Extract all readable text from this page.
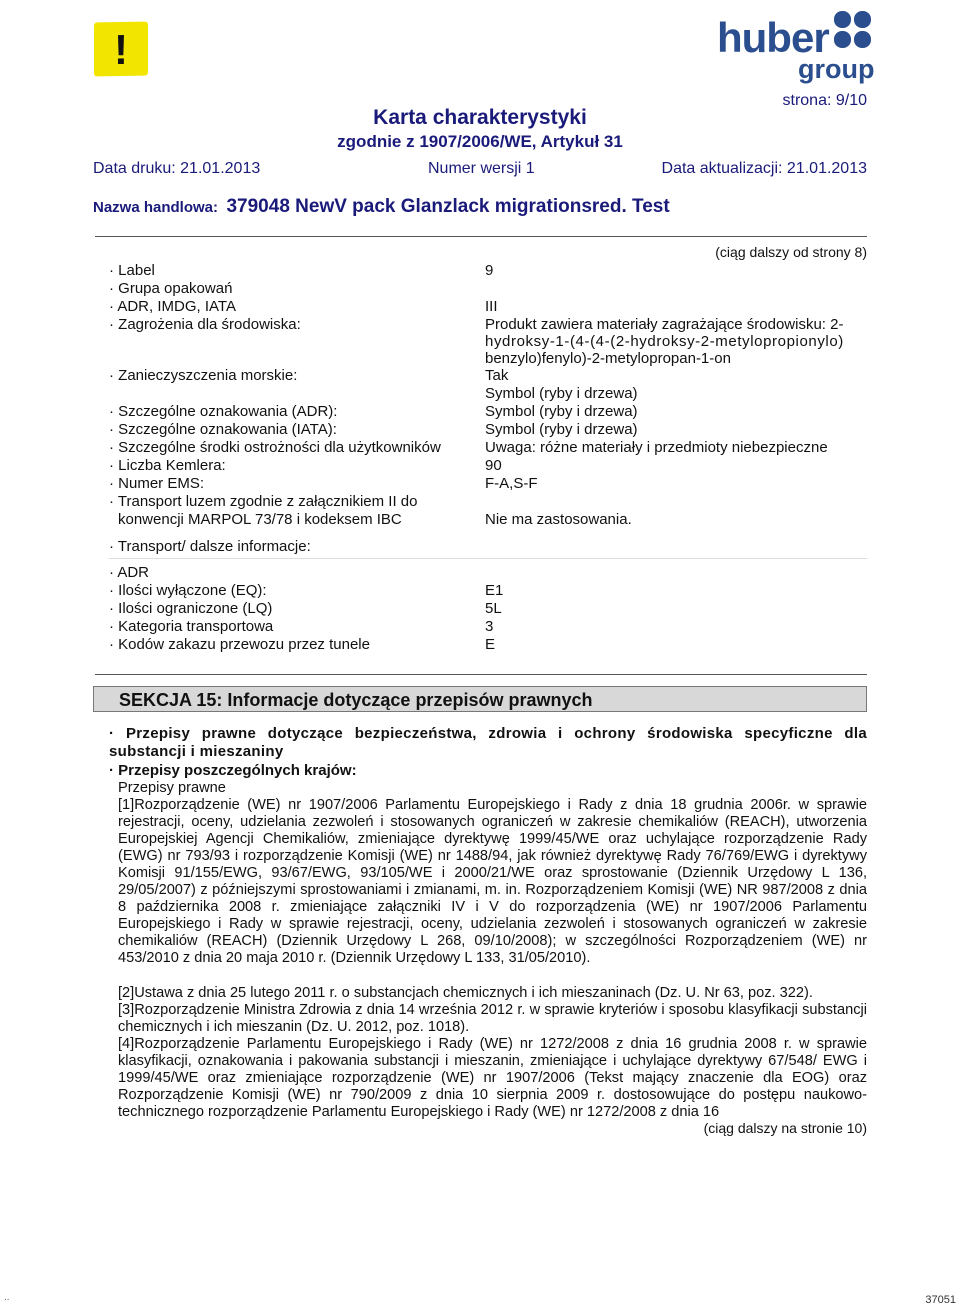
!	huber
group
strona: 9/10
Karta charakterystyki
zgodnie z 1907/2006/WE, Artykuł 31
Data druku: 21.01.2013	Numer wersji 1	Data aktualizacji: 21.01.2013
Nazwa handlowa: 379048 NewV pack Glanzlack migrationsred. Test
(ciąg dalszy od strony 8)
· Label	9
· Grupa opakowań
· ADR, IMDG, IATA	III
· Zagrożenia dla środowiska:	Produkt zawiera materiały zagrażające środowisku: 2-
hydroksy-1-(4-(4-(2-hydroksy-2-metylopropionylo)
benzylo)fenylo)-2-metylopropan-1-on
· Zanieczyszczenia morskie:	Tak
Symbol (ryby i drzewa)
· Szczególne oznakowania (ADR):	Symbol (ryby i drzewa)
· Szczególne oznakowania (IATA):	Symbol (ryby i drzewa)
· Szczególne środki ostrożności dla użytkowników	Uwaga: różne materiały i przedmioty niebezpieczne
· Liczba Kemlera:	90
· Numer EMS:	F-A,S-F
· Transport luzem zgodnie z załącznikiem II do
konwencji MARPOL 73/78 i kodeksem IBC	Nie ma zastosowania.
· Transport/ dalsze informacje:
· ADR
· Ilości wyłączone (EQ):	E1
· Ilości ograniczone (LQ)	5L
· Kategoria transportowa	3
· Kodów zakazu przewozu przez tunele	E
SEKCJA 15: Informacje dotyczące przepisów prawnych
· Przepisy prawne dotyczące bezpieczeństwa, zdrowia i ochrony środowiska specyficzne dla substancji i mieszaniny
· Przepisy poszczególnych krajów:
Przepisy prawne
[1]Rozporządzenie (WE) nr 1907/2006 Parlamentu Europejskiego i Rady z dnia 18 grudnia 2006r. w sprawie rejestracji, oceny, udzielania zezwoleń i stosowanych ograniczeń w zakresie chemikaliów (REACH), utworzenia Europejskiej Agencji Chemikaliów, zmieniające dyrektywę 1999/45/WE oraz uchylające rozporządzenie Rady (EWG) nr 793/93 i rozporządzenie Komisji (WE) nr 1488/94, jak również dyrektywę Rady 76/769/EWG i dyrektywy Komisji 91/155/EWG, 93/67/EWG, 93/105/WE i 2000/21/WE oraz sprostowanie (Dziennik Urzędowy L 136, 29/05/2007) z późniejszymi sprostowaniami i zmianami, m. in. Rozporządzeniem Komisji (WE) NR 987/2008 z dnia 8 października 2008 r. zmieniające załączniki IV i V do rozporządzenia (WE) nr 1907/2006 Parlamentu Europejskiego i Rady w sprawie rejestracji, oceny, udzielania zezwoleń i stosowanych ograniczeń w zakresie chemikaliów (REACH) (Dziennik Urzędowy L 268, 09/10/2008); w szczególności Rozporządzeniem (WE) nr 453/2010 z dnia 20 maja 2010 r. (Dziennik Urzędowy L 133, 31/05/2010).
[2]Ustawa z dnia 25 lutego 2011 r. o substancjach chemicznych i ich mieszaninach (Dz. U. Nr 63, poz. 322).
[3]Rozporządzenie Ministra Zdrowia z dnia 14 września 2012 r. w sprawie kryteriów i sposobu klasyfikacji substancji chemicznych i ich mieszanin (Dz. U. 2012, poz. 1018).
[4]Rozporządzenie Parlamentu Europejskiego i Rady (WE) nr 1272/2008 z dnia 16 grudnia 2008 r. w sprawie klasyfikacji, oznakowania i pakowania substancji i mieszanin, zmieniające i uchylające dyrektywy 67/548/ EWG i 1999/45/WE oraz zmieniające rozporządzenie (WE) nr 1907/2006 (Tekst mający znaczenie dla EOG) oraz Rozporządzenie Komisji (WE) nr 790/2009 z dnia 10 sierpnia 2009 r. dostosowujące do postępu naukowo-technicznego rozporządzenie Parlamentu Europejskiego i Rady (WE) nr 1272/2008 z dnia 16
(ciąg dalszy na stronie 10)
..	37051
